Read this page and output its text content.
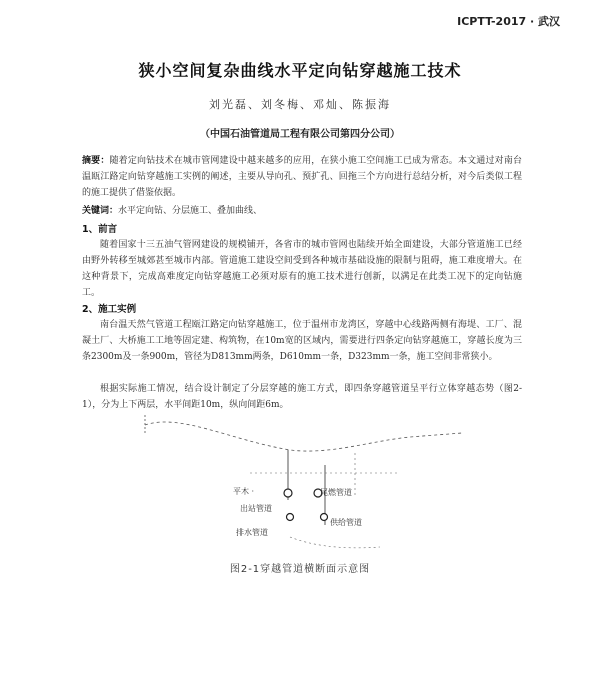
ICPTT-2017 · 武汉
狭小空间复杂曲线水平定向钻穿越施工技术
刘光磊、刘冬梅、邓灿、陈振海
（中国石油管道局工程有限公司第四分公司）
摘要：随着定向钻技术在城市管网建设中越来越多的应用，在狭小施工空间施工已成为常态。本文通过对南台温瓯江路定向钻穿越施工实例的阐述，主要从导向孔、预扩孔、回拖三个方向进行总结分析，对今后类似工程的施工提供了借鉴依据。
关键词：水平定向钻、分层施工、叠加曲线、
1、前言
随着国家十三五油气管网建设的规模铺开，各省市的城市管网也陆续开始全面建设，大部分管道施工已经由野外转移至城郊甚至城市内部。管道施工建设空间受到各种城市基础设施的限制与阻碍，施工难度增大。在这种背景下，完成高难度定向钻穿越施工必须对原有的施工技术进行创新，以满足在此类工况下的定向钻施工。
2、施工实例
南台温天然气管道工程瓯江路定向钻穿越施工，位于温州市龙湾区，穿越中心线路两侧有海堤、工厂、混凝土厂、大桥施工工地等固定建、构筑物，在10m宽的区域内，需要进行四条定向钻穿越施工，穿越长度为三条2300m及一条900m，管径为D813mm两条，D610mm一条，D323mm一条，施工空间非常狭小。
根据实际施工情况，结合设计制定了分层穿越的施工方式，即四条穿越管道呈平行立体穿越态势（图2-1），分为上下两层，水平间距10m，纵向间距6m。
平木 ·
出站管道
排水管道
尾燃管道
供给管道
图2-1穿越管道横断面示意图
